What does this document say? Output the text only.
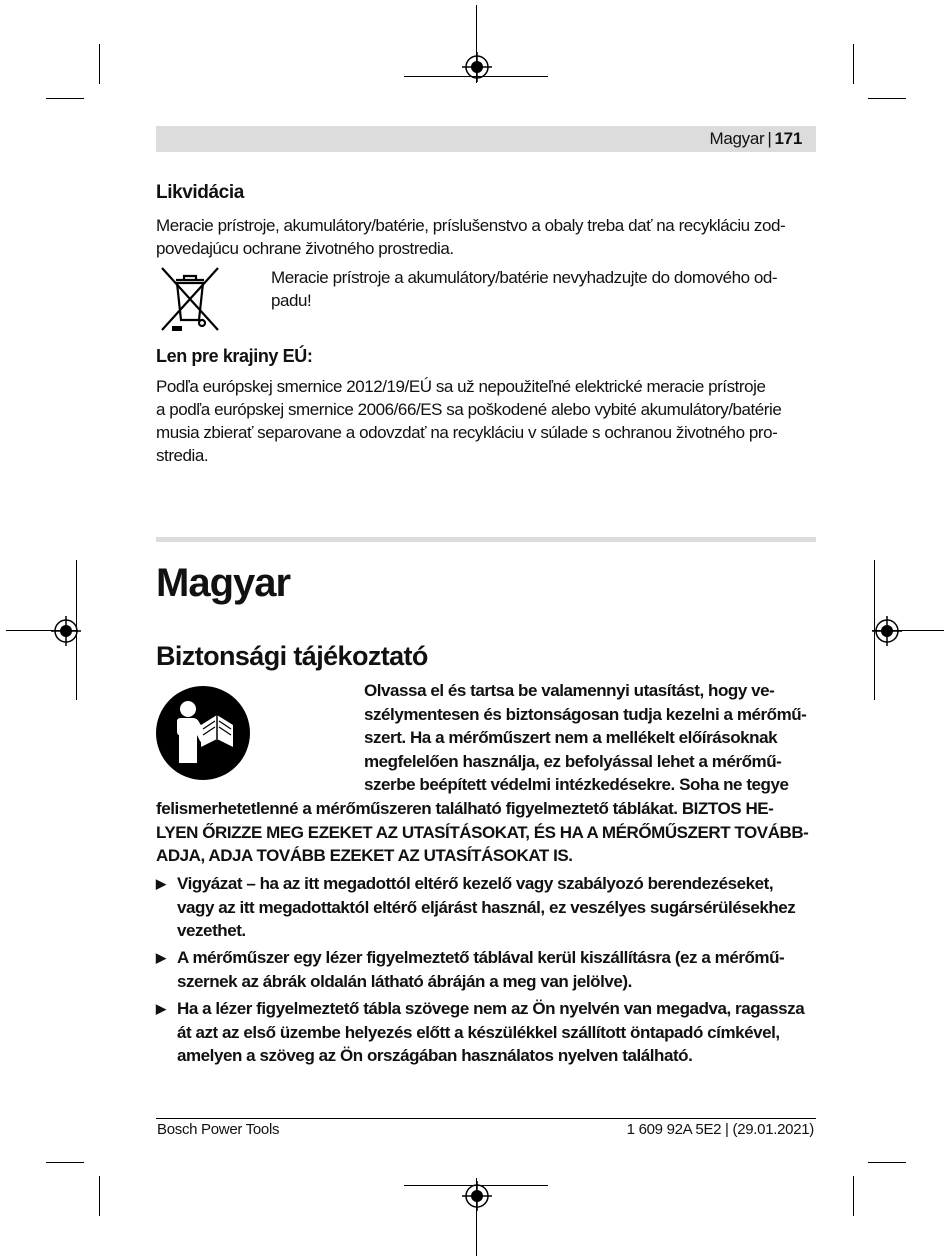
Magyar | 171
Likvidácia
Meracie prístroje, akumulátory/batérie, príslušenstvo a obaly treba dať na recykláciu zod-
povedajúcu ochrane životného prostredia.
Meracie prístroje a akumulátory/batérie nevyhadzujte do domového od-
padu!
Len pre krajiny EÚ:
Podľa európskej smernice 2012/19/EÚ sa už nepoužiteľné elektrické meracie prístroje
a podľa európskej smernice 2006/66/ES sa poškodené alebo vybité akumulátory/batérie
musia zbierať separovane a odovzdať na recykláciu v súlade s ochranou životného pro-
stredia.
Magyar
Biztonsági tájékoztató
Olvassa el és tartsa be valamennyi utasítást, hogy ve-
szélymentesen és biztonságosan tudja kezelni a mérőmű-
szert. Ha a mérőműszert nem a mellékelt előírásoknak
megfelelően használja, ez befolyással lehet a mérőmű-
szerbe beépített védelmi intézkedésekre. Soha ne tegye
felismerhetetlenné a mérőműszeren található figyelmeztető táblákat. BIZTOS HE-
LYEN ŐRIZZE MEG EZEKET AZ UTASÍTÁSOKAT, ÉS HA A MÉRŐMŰSZERT TOVÁBB-
ADJA, ADJA TOVÁBB EZEKET AZ UTASÍTÁSOKAT IS.
▶ Vigyázat – ha az itt megadottól eltérő kezelő vagy szabályozó berendezéseket,
vagy az itt megadottaktól eltérő eljárást használ, ez veszélyes sugársérülésekhez
vezethet.
▶ A mérőműszer egy lézer figyelmeztető táblával kerül kiszállításra (ez a mérőmű-
szernek az ábrák oldalán látható ábráján a meg van jelölve).
▶ Ha a lézer figyelmeztető tábla szövege nem az Ön nyelvén van megadva, ragassza
át azt az első üzembe helyezés előtt a készülékkel szállított öntapadó címkével,
amelyen a szöveg az Ön országában használatos nyelven található.
Bosch Power Tools	1 609 92A 5E2 | (29.01.2021)
